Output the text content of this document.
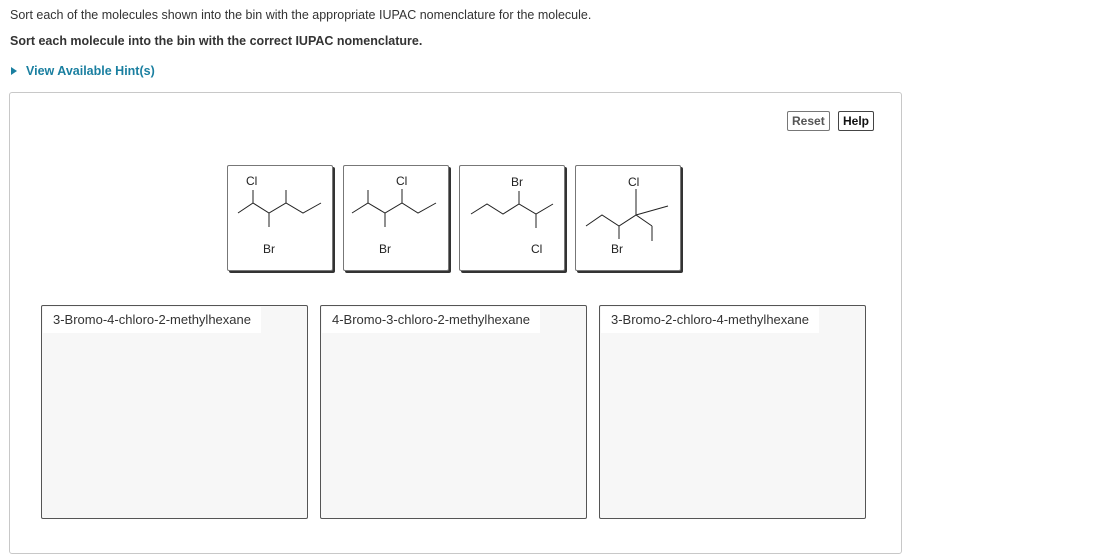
Sort each of the molecules shown into the bin with the appropriate IUPAC nomenclature for the molecule.
Sort each molecule into the bin with the correct IUPAC nomenclature.
View Available Hint(s)
Reset	Help
Cl
Br
Cl
Br
Br
Cl
Cl
Br
3-Bromo-4-chloro-2-methylhexane	4-Bromo-3-chloro-2-methylhexane	3-Bromo-2-chloro-4-methylhexane
